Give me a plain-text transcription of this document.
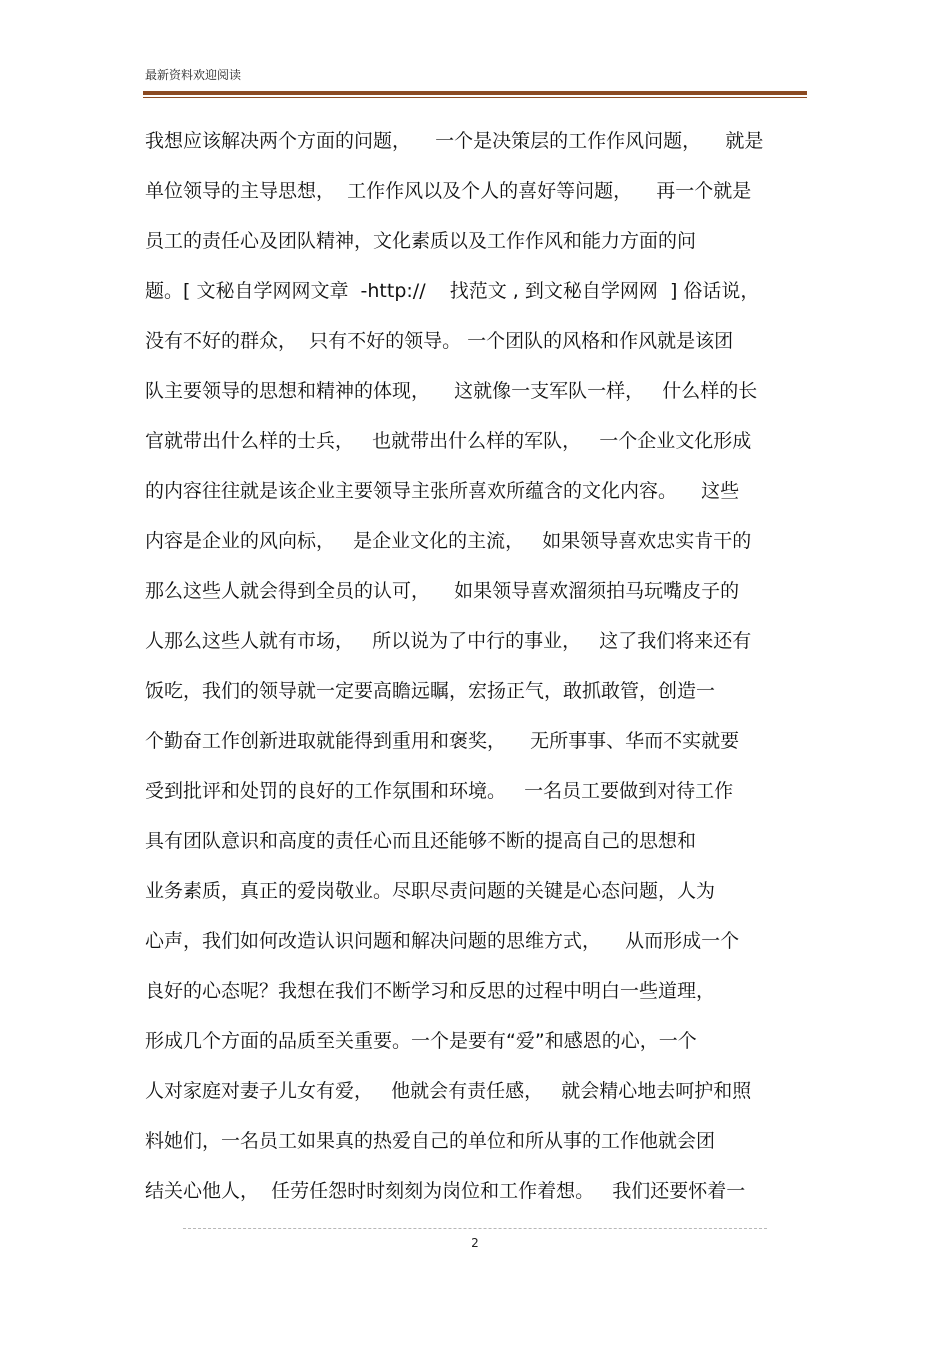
最新资料欢迎阅读
我想应该解决两个方面的问题，    一个是决策层的工作作风问题，    就是
单位领导的主导思想，  工作作风以及个人的喜好等问题，    再一个就是
员工的责任心及团队精神，文化素质以及工作作风和能力方面的问
题。[ 文秘自学网网文章  -http://    找范文 , 到文秘自学网网  ] 俗话说，
没有不好的群众，  只有不好的领导。 一个团队的风格和作风就是该团
队主要领导的思想和精神的体现，    这就像一支军队一样，   什么样的长
官就带出什么样的士兵，   也就带出什么样的军队，   一个企业文化形成
的内容往往就是该企业主要领导主张所喜欢所蕴含的文化内容。    这些
内容是企业的风向标，   是企业文化的主流，   如果领导喜欢忠实肯干的
那么这些人就会得到全员的认可，    如果领导喜欢溜须拍马玩嘴皮子的
人那么这些人就有市场，   所以说为了中行的事业，   这了我们将来还有
饭吃，我们的领导就一定要高瞻远瞩，宏扬正气，敢抓敢管，创造一
个勤奋工作创新进取就能得到重用和褒奖，    无所事事、华而不实就要
受到批评和处罚的良好的工作氛围和环境。   一名员工要做到对待工作
具有团队意识和高度的责任心而且还能够不断的提高自己的思想和
业务素质，真正的爱岗敬业。尽职尽责问题的关键是心态问题，人为
心声，我们如何改造认识问题和解决问题的思维方式，    从而形成一个
良好的心态呢？我想在我们不断学习和反思的过程中明白一些道理，
形成几个方面的品质至关重要。一个是要有“爱”和感恩的心，一个
人对家庭对妻子儿女有爱，   他就会有责任感，   就会精心地去呵护和照
料她们，一名员工如果真的热爱自己的单位和所从事的工作他就会团
结关心他人，  任劳任怨时时刻刻为岗位和工作着想。   我们还要怀着一
2
